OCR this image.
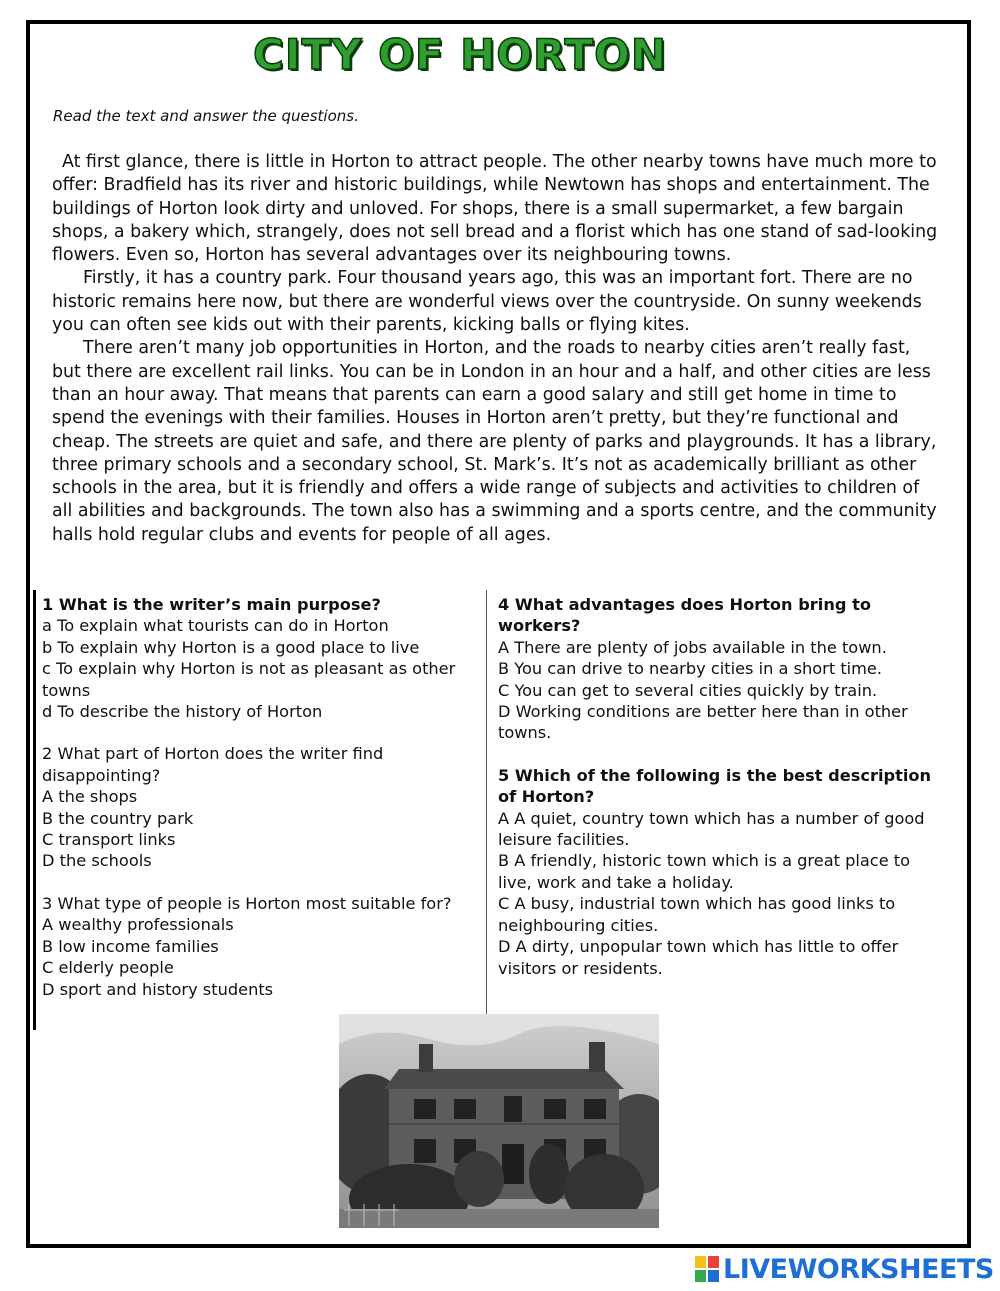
CITY OF HORTON
Read the text and answer the questions.

At first glance, there is little in Horton to attract people. The other nearby towns have much more to offer: Bradfield has its river and historic buildings, while Newtown has shops and entertainment. The buildings of Horton look dirty and unloved. For shops, there is a small supermarket, a few bargain shops, a bakery which, strangely, does not sell bread and a florist which has one stand of sad-looking flowers. Even so, Horton has several advantages over its neighbouring towns.

Firstly, it has a country park. Four thousand years ago, this was an important fort. There are no historic remains here now, but there are wonderful views over the countryside. On sunny weekends you can often see kids out with their parents, kicking balls or flying kites.

There aren’t many job opportunities in Horton, and the roads to nearby cities aren’t really fast, but there are excellent rail links. You can be in London in an hour and a half, and other cities are less than an hour away. That means that parents can earn a good salary and still get home in time to spend the evenings with their families. Houses in Horton aren’t pretty, but they’re functional and cheap. The streets are quiet and safe, and there are plenty of parks and playgrounds. It has a library, three primary schools and a secondary school, St. Mark’s. It’s not as academically brilliant as other schools in the area, but it is friendly and offers a wide range of subjects and activities to children of all abilities and backgrounds. The town also has a swimming and a sports centre, and the community halls hold regular clubs and events for people of all ages.

1 What is the writer’s main purpose?
a To explain what tourists can do in Horton
b To explain why Horton is a good place to live
c To explain why Horton is not as pleasant as other towns
d To describe the history of Horton
2 What part of Horton does the writer find disappointing?
A the shops
B the country park
C transport links
D the schools
3 What type of people is Horton most suitable for?
A wealthy professionals
B low income families
C elderly people
D sport and history students
4 What advantages does Horton bring to workers?
A There are plenty of jobs available in the town.
B You can drive to nearby cities in a short time.
C You can get to several cities quickly by train.
D Working conditions are better here than in other towns.
5 Which of the following is the best description of Horton?
A A quiet, country town which has a number of good leisure facilities.
B A friendly, historic town which is a great place to live, work and take a holiday.
C A busy, industrial town which has good links to neighbouring cities.
D A dirty, unpopular town which has little to offer visitors or residents.
LIVEWORKSHEETS
